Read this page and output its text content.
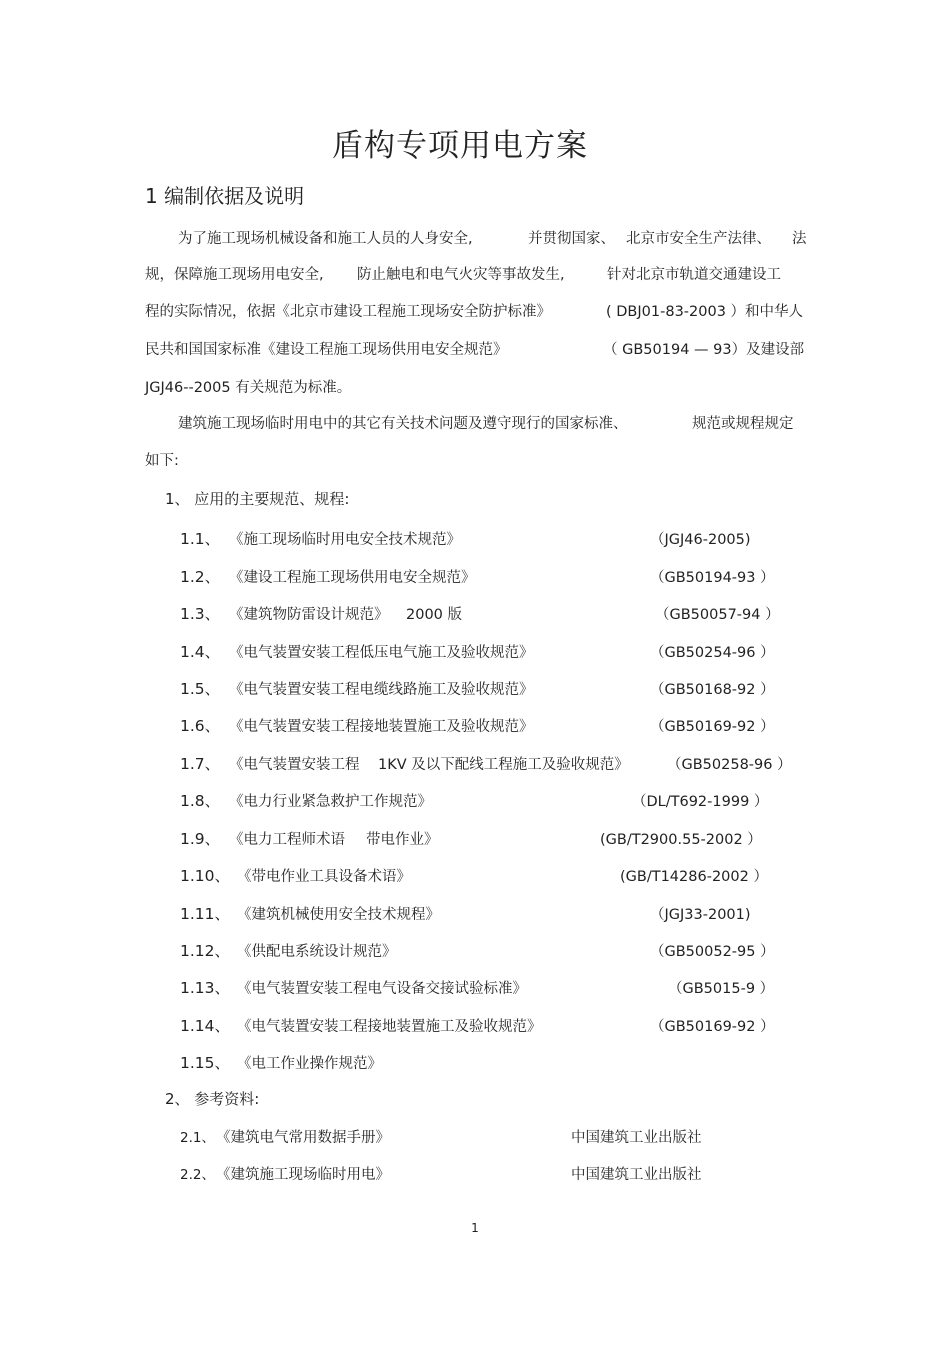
盾构专项用电方案
1 编制依据及说明
为了施工现场机械设备和施工人员的人身安全,	并贯彻国家、 北京市安全生产法律、 法
规，保障施工现场用电安全, 防止触电和电气火灾等事故发生,	针对北京市轨道交通建设工
程的实际情况，依据《北京市建设工程施工现场安全防护标准》	( DBJ01-83-2003 ）和中华人
民共和国国家标准《建设工程施工现场供用电安全规范》	（ GB50194 — 93）及建设部
JGJ46--2005 有关规范为标准。
建筑施工现场临时用电中的其它有关技术问题及遵守现行的国家标准、	规范或规程规定
如下:
1、 应用的主要规范、规程:
1.1、 《施工现场临时用电安全技术规范》	（JGJ46-2005)
1.2、 《建设工程施工现场供用电安全规范》	（GB50194-93 ）
1.3、 《建筑物防雷设计规范》 2000 版	（GB50057-94 ）
1.4、 《电气装置安装工程低压电气施工及验收规范》	（GB50254-96 ）
1.5、 《电气装置安装工程电缆线路施工及验收规范》	（GB50168-92 ）
1.6、 《电气装置安装工程接地装置施工及验收规范》	（GB50169-92 ）
1.7、 《电气装置安装工程 1KV 及以下配线工程施工及验收规范》	（GB50258-96 ）
1.8、 《电力行业紧急救护工作规范》	（DL/T692-1999 ）
1.9、 《电力工程师术语 带电作业》	(GB/T2900.55-2002 ）
1.10、 《带电作业工具设备术语》	(GB/T14286-2002 ）
1.11、 《建筑机械使用安全技术规程》	（JGJ33-2001)
1.12、 《供配电系统设计规范》	（GB50052-95 ）
1.13、 《电气装置安装工程电气设备交接试验标准》	（GB5015-9 ）
1.14、 《电气装置安装工程接地装置施工及验收规范》	（GB50169-92 ）
1.15、 《电工作业操作规范》
2、 参考资料:
2.1、 《建筑电气常用数据手册》	中国建筑工业出版社
2.2、 《建筑施工现场临时用电》	中国建筑工业出版社
1
